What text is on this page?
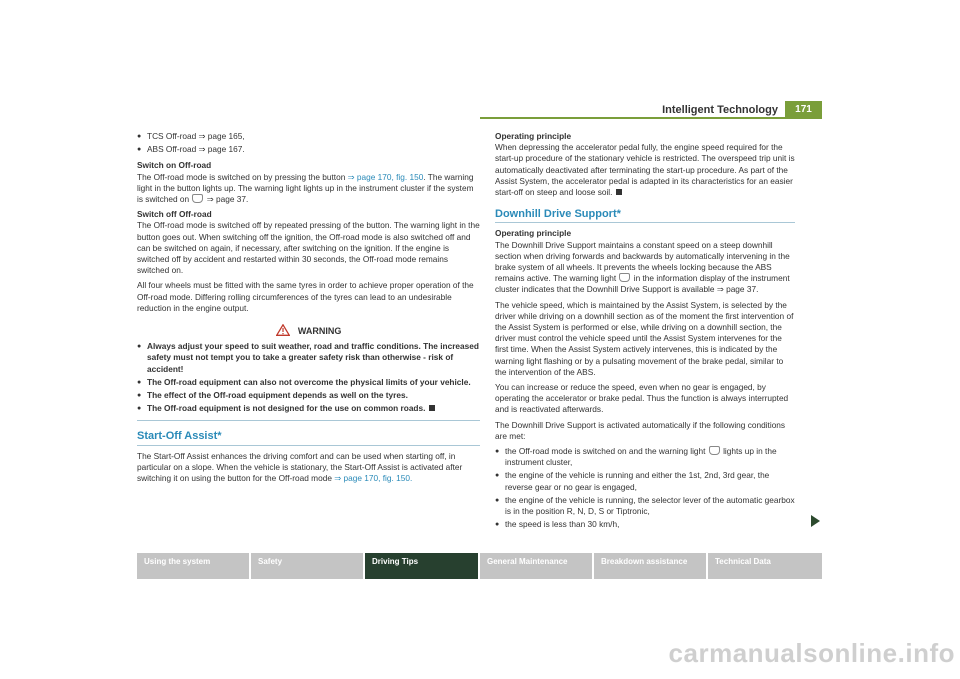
Intelligent Technology	171
● TCS Off-road ⇒ page 165,
● ABS Off-road ⇒ page 167.
Switch on Off-road

The Off-road mode is switched on by pressing the button ⇒ page 170, fig. 150. The warning light in the button lights up. The warning light lights up in the instrument cluster if the system is switched on  ⇒ page 37.

Switch off Off-road

The Off-road mode is switched off by repeated pressing of the button. The warning light in the button goes out. When switching off the ignition, the Off-road mode is also switched off and can be switched on again, if necessary, after switching on the ignition. If the engine is switched off by accident and restarted within 30 seconds, the Off-road mode remains switched on.

All four wheels must be fitted with the same tyres in order to achieve proper operation of the Off-road mode. Differing rolling circumferences of the tyres can lead to an undesirable reduction in the engine output.

WARNING
● Always adjust your speed to suit weather, road and traffic conditions. The increased safety must not tempt you to take a greater safety risk than otherwise - risk of accident!
● The Off-road equipment can also not overcome the physical limits of your vehicle.
● The effect of the Off-road equipment depends as well on the tyres.
● The Off-road equipment is not designed for the use on common roads.
Start-Off Assist*

The Start-Off Assist enhances the driving comfort and can be used when starting off, in particular on a slope. When the vehicle is stationary, the Start-Off Assist is activated after switching it on using the button for the Off-road mode ⇒ page 170, fig. 150.

Operating principle

When depressing the accelerator pedal fully, the engine speed required for the start-up procedure of the stationary vehicle is restricted. The overspeed trip unit is automatically deactivated after terminating the start-up procedure. As part of the Assist System, the accelerator pedal is adapted in its characteristics for an easier start-off on steep and loose soil.

Downhill Drive Support*
Operating principle

The Downhill Drive Support maintains a constant speed on a steep downhill section when driving forwards and backwards by automatically intervening in the brake system of all wheels. It prevents the wheels locking because the ABS remains active. The warning light  in the information display of the instrument cluster indicates that the Downhill Drive Support is available ⇒ page 37.

The vehicle speed, which is maintained by the Assist System, is selected by the driver while driving on a downhill section as of the moment the first intervention of the Assist System is performed or else, while driving on a downhill section, the driver must control the vehicle speed until the Assist System intervenes for the first time. When the Assist System actively intervenes, this is indicated by the warning light flashing or by a pulsating movement of the brake pedal, similar to the intervention of the ABS.

You can increase or reduce the speed, even when no gear is engaged, by operating the accelerator or brake pedal. Thus the function is always interrupted and is reactivated afterwards.

The Downhill Drive Support is activated automatically if the following conditions are met:

● the Off-road mode is switched on and the warning light  lights up in the instrument cluster,
● the engine of the vehicle is running and either the 1st, 2nd, 3rd gear, the reverse gear or no gear is engaged,
● the engine of the vehicle is running, the selector lever of the automatic gearbox is in the position R, N, D, S or Tiptronic,
● the speed is less than 30 km/h,
Using the system	Safety	Driving Tips	General Maintenance	Breakdown assistance	Technical Data
carmanualsonline.info
